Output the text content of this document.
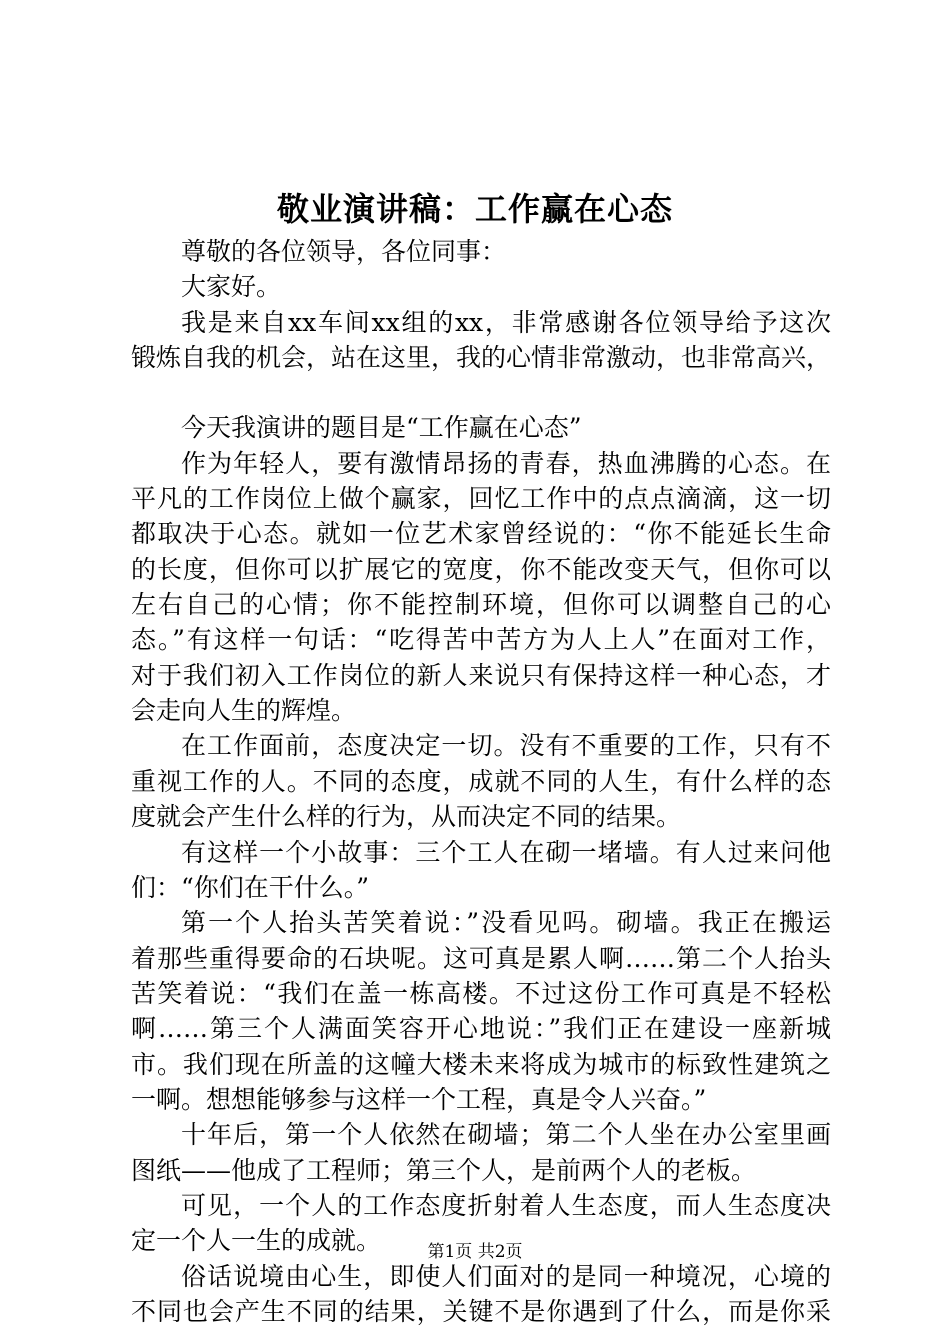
敬业演讲稿：工作赢在心态
尊敬的各位领导，各位同事：
大家好。
我是来自xx车间xx组的xx，非常感谢各位领导给予这次
锻炼自我的机会，站在这里，我的心情非常激动，也非常高兴，
今天我演讲的题目是“工作赢在心态”
作为年轻人，要有激情昂扬的青春，热血沸腾的心态。在
平凡的工作岗位上做个赢家，回忆工作中的点点滴滴，这一切
都取决于心态。就如一位艺术家曾经说的：“你不能延长生命
的长度，但你可以扩展它的宽度，你不能改变天气，但你可以
左右自己的心情；你不能控制环境，但你可以调整自己的心
态。”有这样一句话：“吃得苦中苦方为人上人”在面对工作，
对于我们初入工作岗位的新人来说只有保持这样一种心态，才
会走向人生的辉煌。
在工作面前，态度决定一切。没有不重要的工作，只有不
重视工作的人。不同的态度，成就不同的人生，有什么样的态
度就会产生什么样的行为，从而决定不同的结果。
有这样一个小故事：三个工人在砌一堵墙。有人过来问他
们：“你们在干什么。”
第一个人抬头苦笑着说：”没看见吗。砌墙。我正在搬运
着那些重得要命的石块呢。这可真是累人啊……第二个人抬头
苦笑着说：“我们在盖一栋高楼。不过这份工作可真是不轻松
啊……第三个人满面笑容开心地说：”我们正在建设一座新城
市。我们现在所盖的这幢大楼未来将成为城市的标致性建筑之
一啊。想想能够参与这样一个工程，真是令人兴奋。”
十年后，第一个人依然在砌墙；第二个人坐在办公室里画
图纸——他成了工程师；第三个人，是前两个人的老板。
可见，一个人的工作态度折射着人生态度，而人生态度决
定一个人一生的成就。
俗话说境由心生，即使人们面对的是同一种境况，心境的
不同也会产生不同的结果，关键不是你遇到了什么，而是你采
第1页 共2页
